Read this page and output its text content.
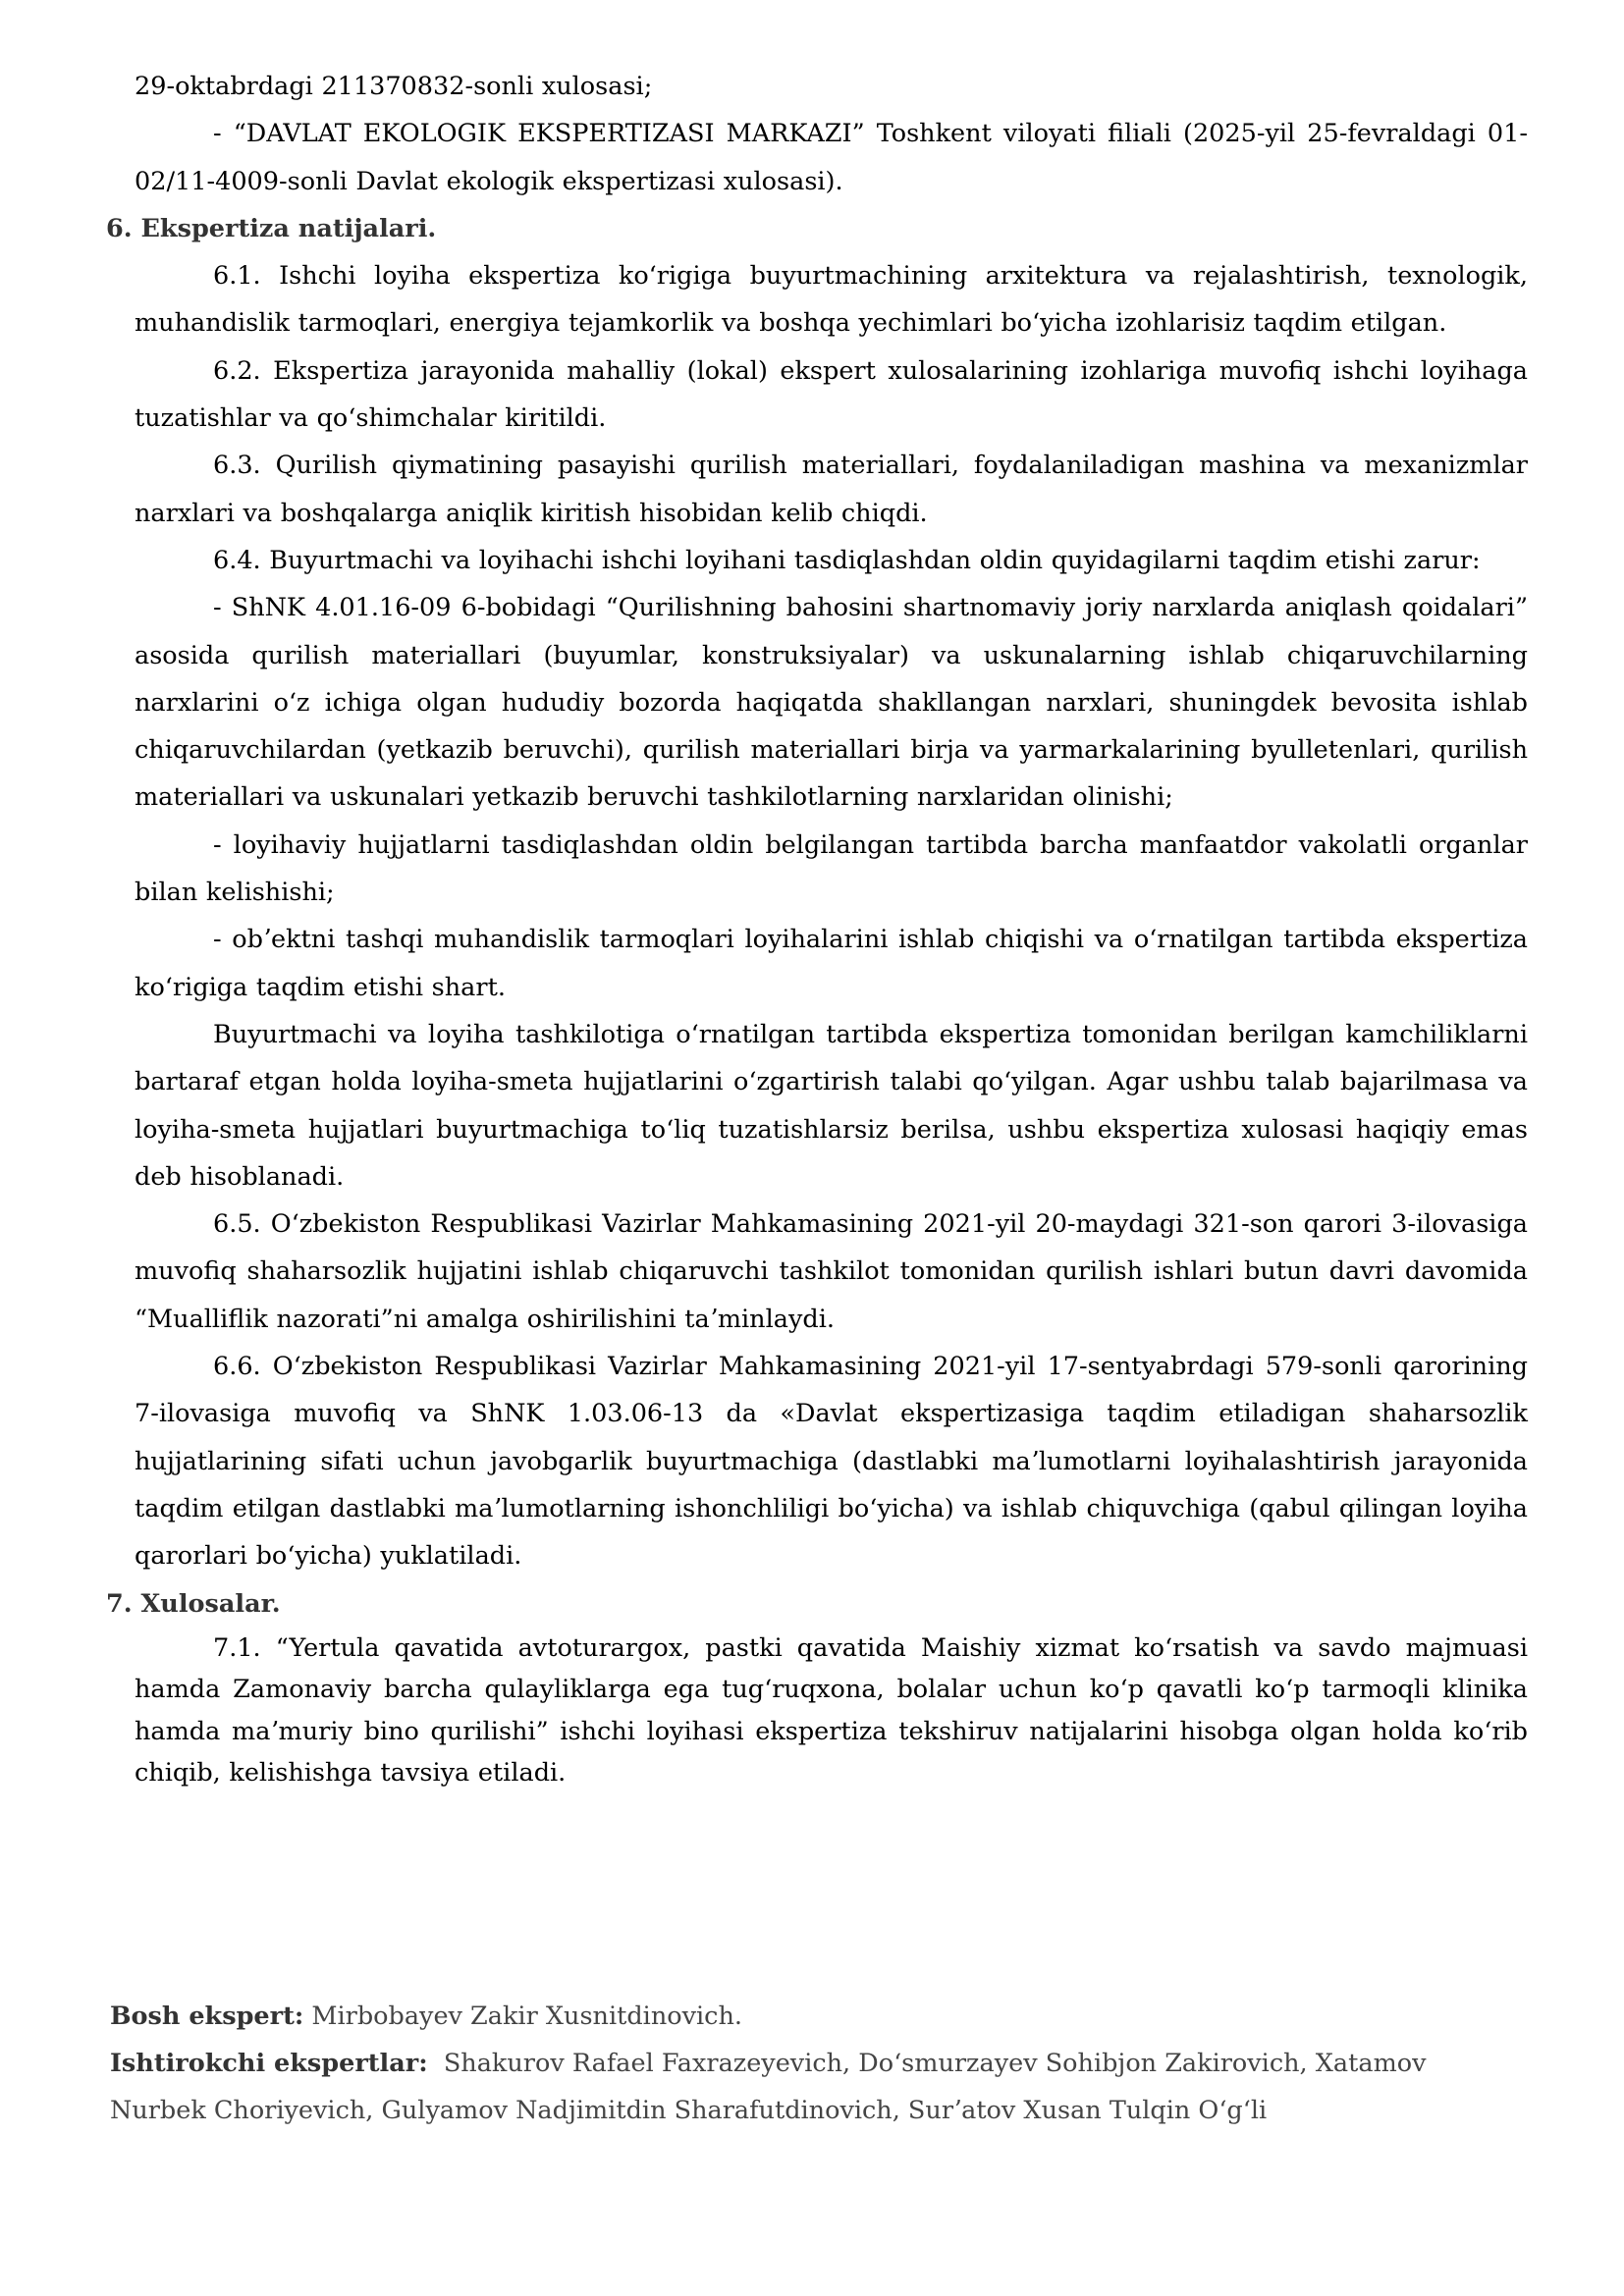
29-oktabrdagi 211370832-sonli xulosasi;

- “DAVLAT EKOLOGIK EKSPERTIZASI MARKAZI” Toshkent viloyati filiali (2025-yil 25-fevraldagi 01-02/11-4009-sonli Davlat ekologik ekspertizasi xulosasi).

6. Ekspertiza natijalari.

6.1. Ishchi loyiha ekspertiza koʻrigiga buyurtmachining arxitektura va rejalashtirish, texnologik, muhandislik tarmoqlari, energiya tejamkorlik va boshqa yechimlari boʻyicha izohlarisiz taqdim etilgan.

6.2. Ekspertiza jarayonida mahalliy (lokal) ekspert xulosalarining izohlariga muvofiq ishchi loyihaga tuzatishlar va qoʻshimchalar kiritildi.

6.3. Qurilish qiymatining pasayishi qurilish materiallari, foydalaniladigan mashina va mexanizmlar narxlari va boshqalarga aniqlik kiritish hisobidan kelib chiqdi.

6.4. Buyurtmachi va loyihachi ishchi loyihani tasdiqlashdan oldin quyidagilarni taqdim etishi zarur:

- ShNK 4.01.16-09 6-bobidagi “Qurilishning bahosini shartnomaviy joriy narxlarda aniqlash qoidalari” asosida qurilish materiallari (buyumlar, konstruksiyalar) va uskunalarning ishlab chiqaruvchilarning narxlarini oʻz ichiga olgan hududiy bozorda haqiqatda shakllangan narxlari, shuningdek bevosita ishlab chiqaruvchilardan (yetkazib beruvchi), qurilish materiallari birja va yarmarkalarining byulletenlari, qurilish materiallari va uskunalari yetkazib beruvchi tashkilotlarning narxlaridan olinishi;

- loyihaviy hujjatlarni tasdiqlashdan oldin belgilangan tartibda barcha manfaatdor vakolatli organlar bilan kelishishi;

- obʼektni tashqi muhandislik tarmoqlari loyihalarini ishlab chiqishi va oʻrnatilgan tartibda ekspertiza koʻrigiga taqdim etishi shart.

Buyurtmachi va loyiha tashkilotiga oʻrnatilgan tartibda ekspertiza tomonidan berilgan kamchiliklarni bartaraf etgan holda loyiha-smeta hujjatlarini oʻzgartirish talabi qoʻyilgan. Agar ushbu talab bajarilmasa va loyiha-smeta hujjatlari buyurtmachiga toʻliq tuzatishlarsiz berilsa, ushbu ekspertiza xulosasi haqiqiy emas deb hisoblanadi.

6.5. Oʻzbekiston Respublikasi Vazirlar Mahkamasining 2021-yil 20-maydagi 321-son qarori 3-ilovasiga muvofiq shaharsozlik hujjatini ishlab chiqaruvchi tashkilot tomonidan qurilish ishlari butun davri davomida “Mualliflik nazorati”ni amalga oshirilishini taʼminlaydi.

6.6. Oʻzbekiston Respublikasi Vazirlar Mahkamasining 2021-yil 17-sentyabrdagi 579-sonli qarorining 7-ilovasiga muvofiq va ShNK 1.03.06-13 da «Davlat ekspertizasiga taqdim etiladigan shaharsozlik hujjatlarining sifati uchun javobgarlik buyurtmachiga (dastlabki maʼlumotlarni loyihalashtirish jarayonida taqdim etilgan dastlabki maʼlumotlarning ishonchliligi boʻyicha) va ishlab chiquvchiga (qabul qilingan loyiha qarorlari boʻyicha) yuklatiladi.

7. Xulosalar.

7.1. “Yertula qavatida avtoturargox, pastki qavatida Maishiy xizmat koʻrsatish va savdo majmuasi hamda Zamonaviy barcha qulayliklarga ega tugʻruqxona, bolalar uchun koʻp qavatli koʻp tarmoqli klinika hamda maʼmuriy bino qurilishi” ishchi loyihasi ekspertiza tekshiruv natijalarini hisobga olgan holda koʻrib chiqib, kelishishga tavsiya etiladi.

Bosh ekspert: Mirbobayev Zakir Xusnitdinovich.

Ishtirokchi ekspertlar: Shakurov Rafael Faxrazeyevich, Doʻsmurzayev Sohibjon Zakirovich, Xatamov Nurbek Choriyevich, Gulyamov Nadjimitdin Sharafutdinovich, Surʼatov Xusan Tulqin Oʻgʻli
